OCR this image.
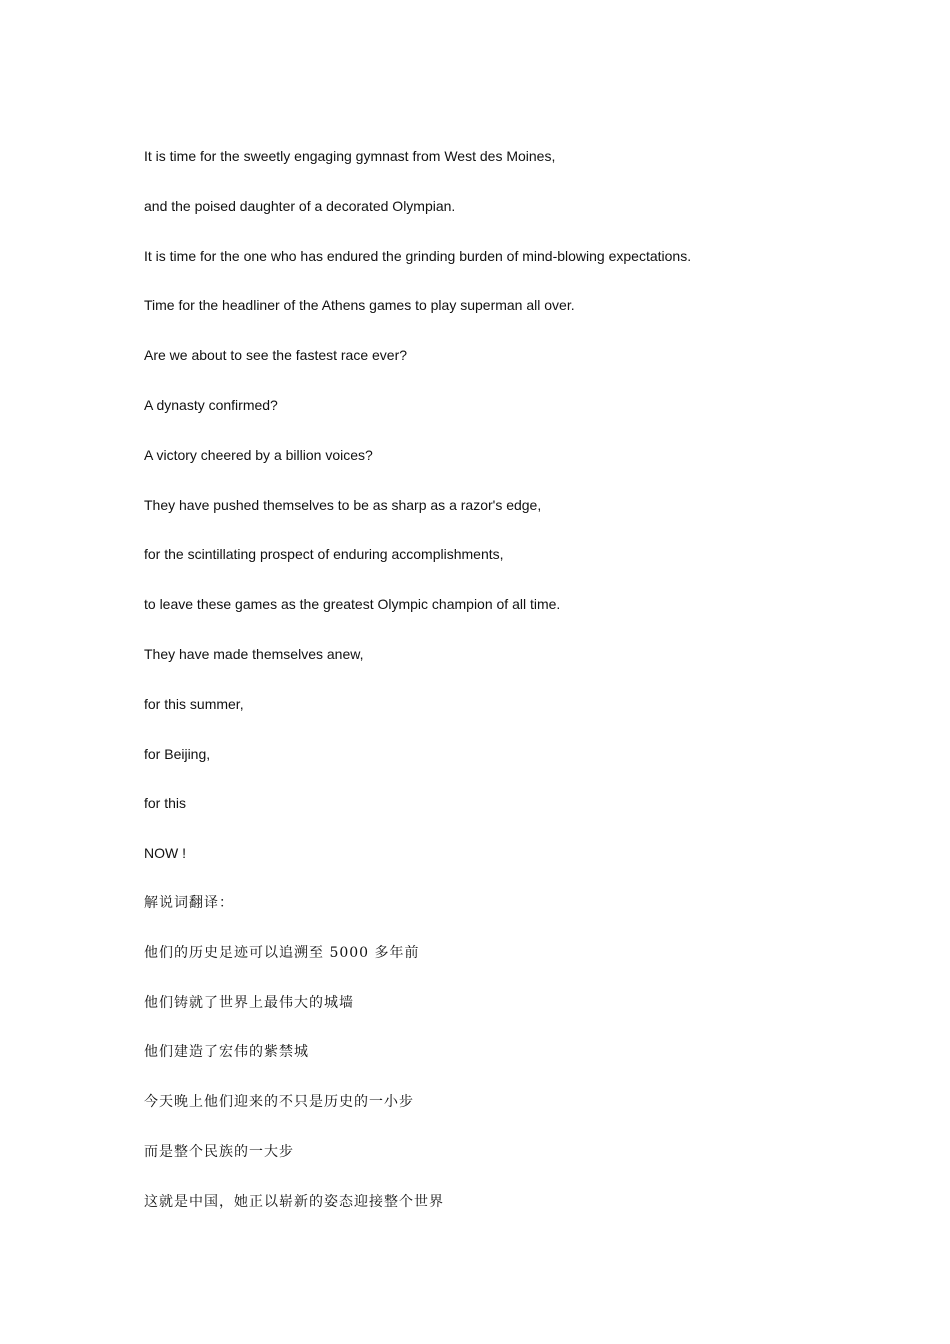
It is time for the sweetly engaging gymnast from West des Moines,
and the poised daughter of a decorated Olympian.
It is time for the one who has endured the grinding burden of mind-blowing expectations.
Time for the headliner of the Athens games to play superman all over.
Are we about to see the fastest race ever?
A dynasty confirmed?
A victory cheered by a billion voices?
They have pushed themselves to be as sharp as a razor's edge,
for the scintillating prospect of enduring accomplishments,
to leave these games as the greatest Olympic champion of all time.
They have made themselves anew,
for this summer,
for Beijing,
for this
NOW !
解说词翻译：
他们的历史足迹可以追溯至 5000 多年前
他们铸就了世界上最伟大的城墙
他们建造了宏伟的紫禁城
今天晚上他们迎来的不只是历史的一小步
而是整个民族的一大步
这就是中国，她正以崭新的姿态迎接整个世界
